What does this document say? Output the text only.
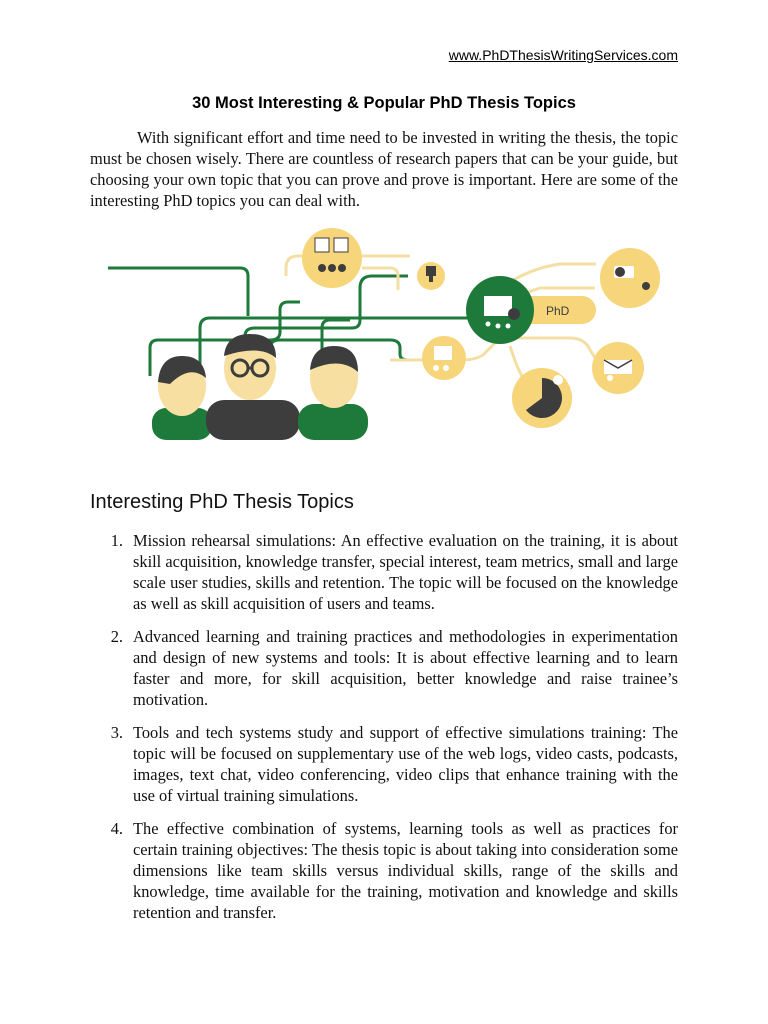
www.PhDThesisWritingServices.com
30 Most Interesting & Popular PhD Thesis Topics

With significant effort and time need to be invested in writing the thesis, the topic must be chosen wisely. There are countless of research papers that can be your guide, but choosing your own topic that you can prove and prove is important. Here are some of the interesting PhD topics you can deal with.

PhD
Interesting PhD Thesis Topics
1. Mission rehearsal simulations: An effective evaluation on the training, it is about skill acquisition, knowledge transfer, special interest, team metrics, small and large scale user studies, skills and retention. The topic will be focused on the knowledge as well as skill acquisition of users and teams.
2. Advanced learning and training practices and methodologies in experimentation and design of new systems and tools: It is about effective learning and to learn faster and more, for skill acquisition, better knowledge and raise trainee’s motivation.
3. Tools and tech systems study and support of effective simulations training: The topic will be focused on supplementary use of the web logs, video casts, podcasts, images, text chat, video conferencing, video clips that enhance training with the use of virtual training simulations.
4. The effective combination of systems, learning tools as well as practices for certain training objectives: The thesis topic is about taking into consideration some dimensions like team skills versus individual skills, range of the skills and knowledge, time available for the training, motivation and knowledge and skills retention and transfer.
